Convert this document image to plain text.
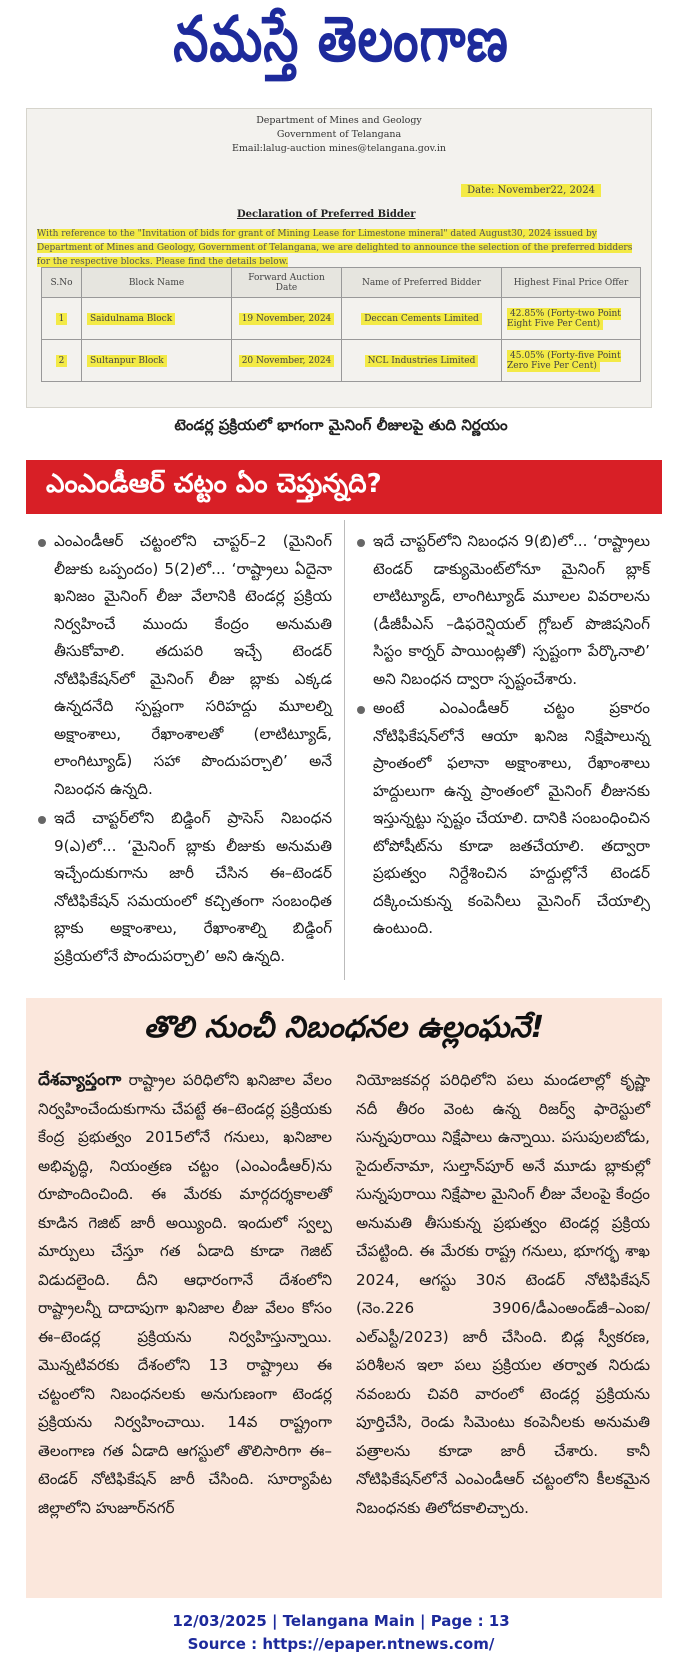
నమస్తే తెలంగాణ
Department of Mines and Geology
Government of Telangana
Email:lalug-auction mines@telangana.gov.in
Date: November22, 2024
Declaration of Preferred Bidder
With reference to the "Invitation of bids for grant of Mining Lease for Limestone mineral" dated August30, 2024 issued by Department of Mines and Geology, Government of Telangana, we are delighted to announce the selection of the preferred bidders for the respective blocks. Please find the details below.
S.No	Block Name	Forward Auction Date	Name of Preferred Bidder	Highest Final Price Offer
1	Saidulnama Block	19 November, 2024	Deccan Cements Limited	42.85% (Forty-two Point Eight Five Per Cent)
2	Sultanpur Block	20 November, 2024	NCL Industries Limited	45.05% (Forty-five Point Zero Five Per Cent)
టెండర్ల ప్రక్రియలో భాగంగా మైనింగ్ లీజులపై తుది నిర్ణయం
ఎంఎండీఆర్ చట్టం ఏం చెప్తున్నది?

ఎంఎండీఆర్ చట్టంలోని చాప్టర్–2 (మైనింగ్ లీజుకు ఒప్పందం) 5(2)లో... ‘రాష్ట్రాలు ఏదైనా ఖనిజం మైనింగ్ లీజు వేలానికి టెండర్ల ప్రక్రియ నిర్వహించే ముందు కేంద్రం అనుమతి తీసుకోవాలి. తదుపరి ఇచ్చే టెండర్ నోటిఫికేషన్‌లో మైనింగ్ లీజు బ్లాకు ఎక్కడ ఉన్నదనేది స్పష్టంగా సరిహద్దు మూలల్ని అక్షాంశాలు, రేఖాంశాలతో (లాటిట్యూడ్, లాంగిట్యూడ్) సహా పొందుపర్చాలి’ అనే నిబంధన ఉన్నది.

ఇదే చాప్టర్‌లోని బిడ్డింగ్ ప్రాసెస్ నిబంధన 9(ఎ)లో... ‘మైనింగ్ బ్లాకు లీజుకు అనుమతి ఇచ్చేందుకుగాను జారీ చేసిన ఈ–టెండర్ నోటిఫికేషన్ సమయంలో కచ్చితంగా సంబంధిత బ్లాకు అక్షాంశాలు, రేఖాంశాల్ని బిడ్డింగ్ ప్రక్రియలోనే పొందుపర్చాలి’ అని ఉన్నది.

ఇదే చాప్టర్‌లోని నిబంధన 9(బి)లో... ‘రాష్ట్రాలు టెండర్ డాక్యుమెంట్‌లోనూ మైనింగ్ బ్లాక్ లాటిట్యూడ్, లాంగిట్యూడ్ మూలల వివరాలను (డీజీపీఎస్ –డిఫరెన్షియల్ గ్లోబల్ పొజిషనింగ్ సిస్టం కార్నర్ పాయింట్లతో) స్పష్టంగా పేర్కొనాలి’ అని నిబంధన ద్వారా స్పష్టంచేశారు.

అంటే ఎంఎండీఆర్ చట్టం ప్రకారం నోటిఫికేషన్‌లోనే ఆయా ఖనిజ నిక్షేపాలున్న ప్రాంతంలో ఫలానా అక్షాంశాలు, రేఖాంశాలు హద్దులుగా ఉన్న ప్రాంతంలో మైనింగ్ లీజునకు ఇస్తున్నట్టు స్పష్టం చేయాలి. దానికి సంబంధించిన టోపోషీట్‌ను కూడా జతచేయాలి. తద్వారా ప్రభుత్వం నిర్దేశించిన హద్దుల్లోనే టెండర్ దక్కించుకున్న కంపెనీలు మైనింగ్ చేయాల్సి ఉంటుంది.

తొలి నుంచీ నిబంధనల ఉల్లంఘనే!

దేశవ్యాప్తంగా రాష్ట్రాల పరిధిలోని ఖనిజాల వేలం నిర్వహించేందుకుగాను చేపట్టే ఈ–టెండర్ల ప్రక్రియకు కేంద్ర ప్రభుత్వం 2015లోనే గనులు, ఖనిజాల అభివృద్ధి, నియంత్రణ చట్టం (ఎంఎండీఆర్)ను రూపొందించింది. ఈ మేరకు మార్గదర్శకాలతో కూడిన గెజిట్ జారీ అయ్యింది. ఇందులో స్వల్ప మార్పులు చేస్తూ గత ఏడాది కూడా గెజిట్ విడుదలైంది. దీని ఆధారంగానే దేశంలోని రాష్ట్రాలన్నీ దాదాపుగా ఖనిజాల లీజు వేలం కోసం ఈ–టెండర్ల ప్రక్రియను నిర్వహిస్తున్నాయి. మొన్నటివరకు దేశంలోని 13 రాష్ట్రాలు ఈ చట్టంలోని నిబంధనలకు అనుగుణంగా టెండర్ల ప్రక్రియను నిర్వహించాయి. 14వ రాష్ట్రంగా తెలంగాణ గత ఏడాది ఆగస్టులో తొలిసారిగా ఈ–టెండర్ నోటిఫికేషన్ జారీ చేసింది. సూర్యాపేట జిల్లాలోని హుజూర్‌నగర్

నియోజకవర్గ పరిధిలోని పలు మండలాల్లో కృష్ణా నదీ తీరం వెంట ఉన్న రిజర్వ్ ఫారెస్టులో సున్నపురాయి నిక్షేపాలు ఉన్నాయి. పసుపులబోడు, సైదుల్‌నామా, సుల్తాన్‌పూర్ అనే మూడు బ్లాకుల్లో సున్నపురాయి నిక్షేపాల మైనింగ్ లీజు వేలంపై కేంద్రం అనుమతి తీసుకున్న ప్రభుత్వం టెండర్ల ప్రక్రియ చేపట్టింది. ఈ మేరకు రాష్ట్ర గనులు, భూగర్భ శాఖ 2024, ఆగస్టు 30న టెండర్ నోటిఫికేషన్ (నెం.226 3906/డీఎంఅండ్‌జీ–ఎంఐ/ఎల్‌ఎస్టీ/2023) జారీ చేసింది. బిడ్ల స్వీకరణ, పరిశీలన ఇలా పలు ప్రక్రియల తర్వాత నిరుడు నవంబరు చివరి వారంలో టెండర్ల ప్రక్రియను పూర్తిచేసి, రెండు సిమెంటు కంపెనీలకు అనుమతి పత్రాలను కూడా జారీ చేశారు. కానీ నోటిఫికేషన్‌లోనే ఎంఎండీఆర్ చట్టంలోని కీలకమైన నిబంధనకు తిలోదకాలిచ్చారు.

12/03/2025 | Telangana Main | Page : 13
Source : https://epaper.ntnews.com/
